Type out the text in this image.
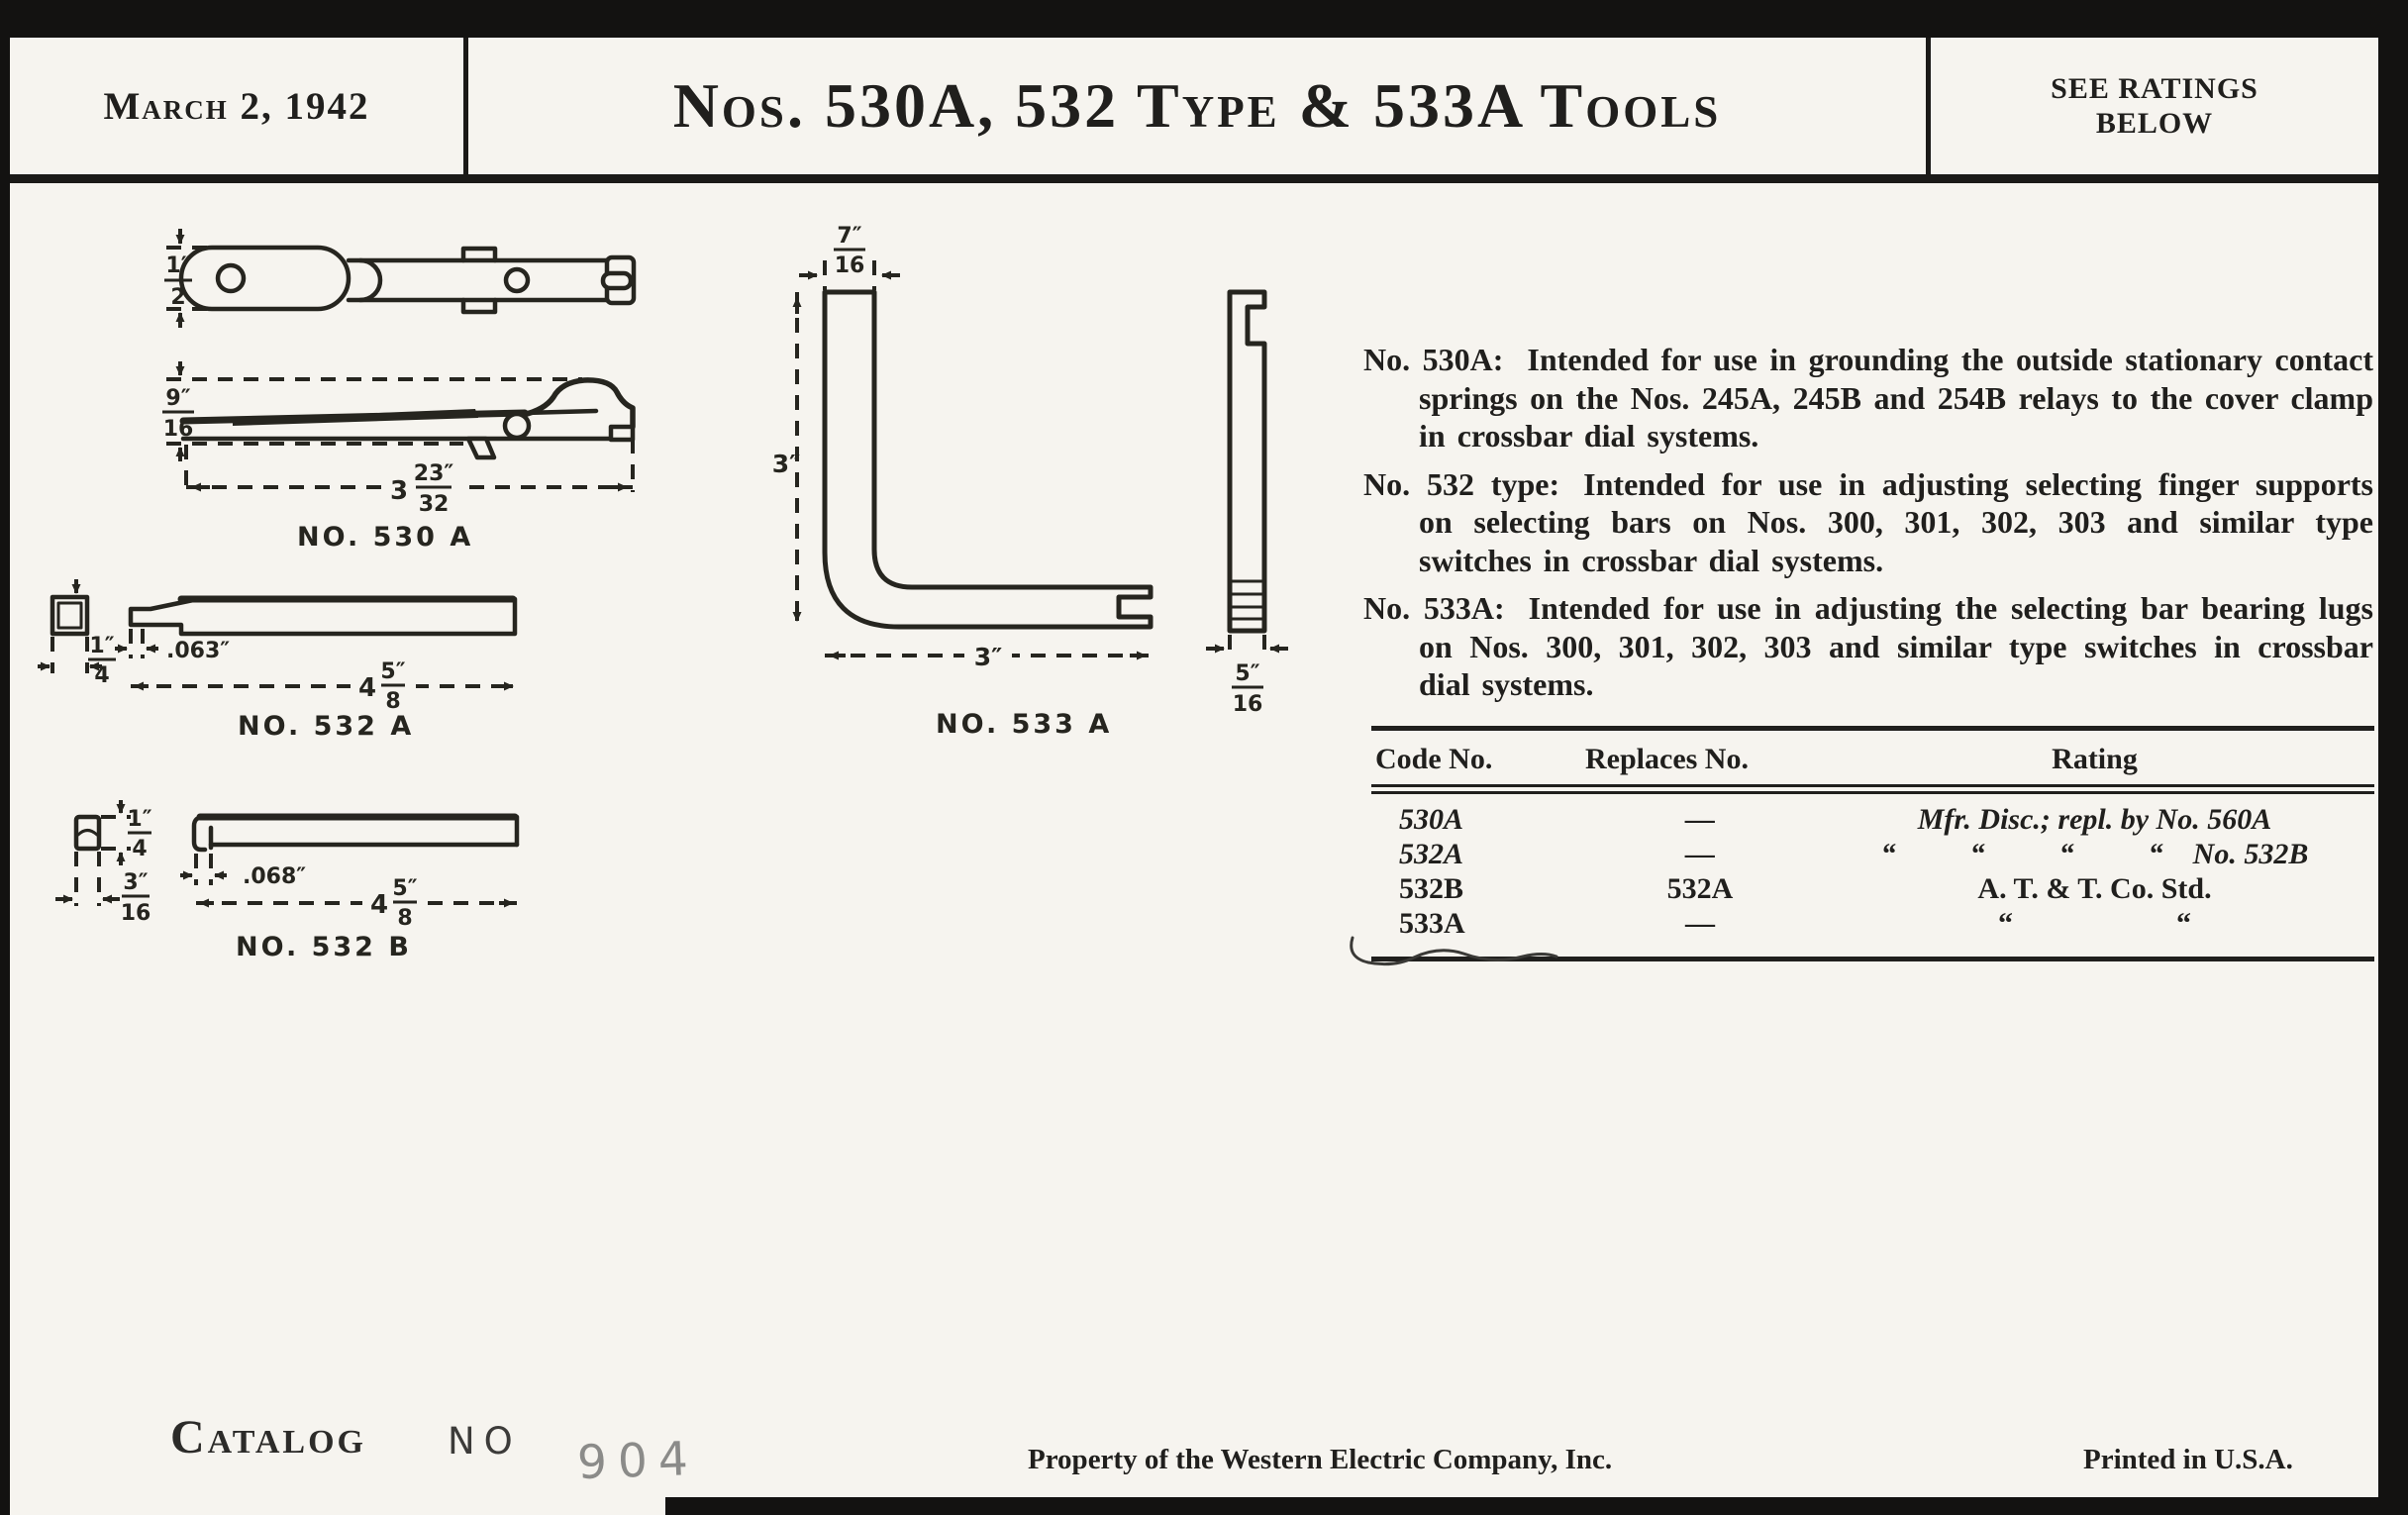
March 2, 1942	Nos. 530A, 532 Type & 533A Tools	SEE RATINGS
BELOW
1″
2
9″
16
3
23″
32
NO. 530 A
1″
4
.063″
4
5″
8
NO. 532 A
1″
4
3″
16
.068″
4
5″
8
NO. 532 B
7″
16
3″
3″
5″
16
NO. 533 A

No. 530A: Intended for use in grounding the outside stationary contact springs on the Nos. 245A, 245B and 254B relays to the cover clamp in crossbar dial systems.

No. 532 type: Intended for use in adjusting selecting finger supports on selecting bars on Nos. 300, 301, 302, 303 and similar type switches in crossbar dial systems.

No. 533A: Intended for use in adjusting the selecting bar bearing lugs on Nos. 300, 301, 302, 303 and similar type switches in crossbar dial systems.

Code No.	Replaces No.	Rating
530A	—	Mfr. Disc.; repl. by No. 560A
532A	—	“          “          “          “    No. 532B
532B	532A	A. T. & T. Co. Std.
533A	—	“                      “
Catalog NO 904	Property of the Western Electric Company, Inc.	Printed in U.S.A.
